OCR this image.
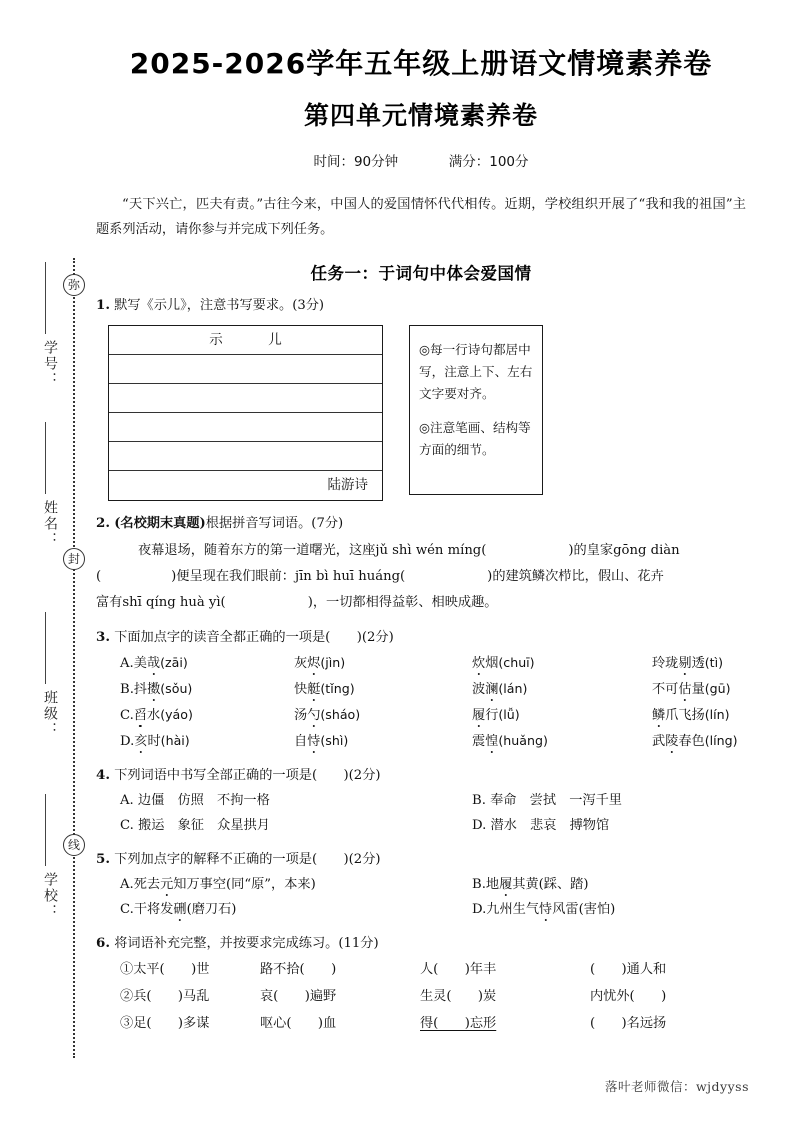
弥
封
线
学号：
姓名：
班级：
学校：
2025-2026学年五年级上册语文情境素养卷
第四单元情境素养卷
时间：90分钟	满分：100分
“天下兴亡，匹夫有责。”古往今来，中国人的爱国情怀代代相传。近期，学校组织开展了“我和我的祖国”主题系列活动，请你参与并完成下列任务。
任务一：于词句中体会爱国情
1. 默写《示儿》，注意书写要求。(3分)
示　儿
陆游诗

◎每一行诗句都居中写，注意上下、左右文字要对齐。

◎注意笔画、结构等方面的细节。

2. (名校期末真题)根据拼音写词语。(7分)
夜幕退场，随着东方的第一道曙光，这座jǔ shì wén míng(	)的皇家gōng diàn
(	)便呈现在我们眼前：jīn bì huī huáng(	)的建筑鳞次栉比，假山、花卉
富有shī qíng huà yì(	)，一切都相得益彰、相映成趣。
3. 下面加点字的读音全都正确的一项是(　　)(2分)
A.美哉(zāi)	灰烬(jìn)	炊烟(chuī)	玲珑剔透(tì)
B.抖擞(sǒu)	快艇(tǐng)	波澜(lán)	不可估量(gū)
C.舀水(yáo)	汤勺(sháo)	履行(lǚ)	鳞爪飞扬(lín)
D.亥时(hài)	自恃(shì)	震惶(huǎng)	武陵春色(líng)
4. 下列词语中书写全部正确的一项是(　　)(2分)
A. 边僵　仿照　不拘一格	B. 奉命　尝拭　一泻千里
C. 搬运　象征　众星拱月	D. 潜水　悲哀　搏物馆
5. 下列加点字的解释不正确的一项是(　　)(2分)
A.死去元知万事空(同“原”，本来)	B.地履其黄(踩、踏)
C.干将发硎(磨刀石)	D.九州生气恃风雷(害怕)
6. 将词语补充完整，并按要求完成练习。(11分)
①太平(　　)世	路不拾(　　)	人(　　)年丰	(　　)通人和
②兵(　　)马乱	哀(　　)遍野	生灵(　　)炭	内忧外(　　)
③足(　　)多谋	呕心(　　)血	得(　　)忘形	(　　)名远扬
落叶老师微信：wjdyyss
